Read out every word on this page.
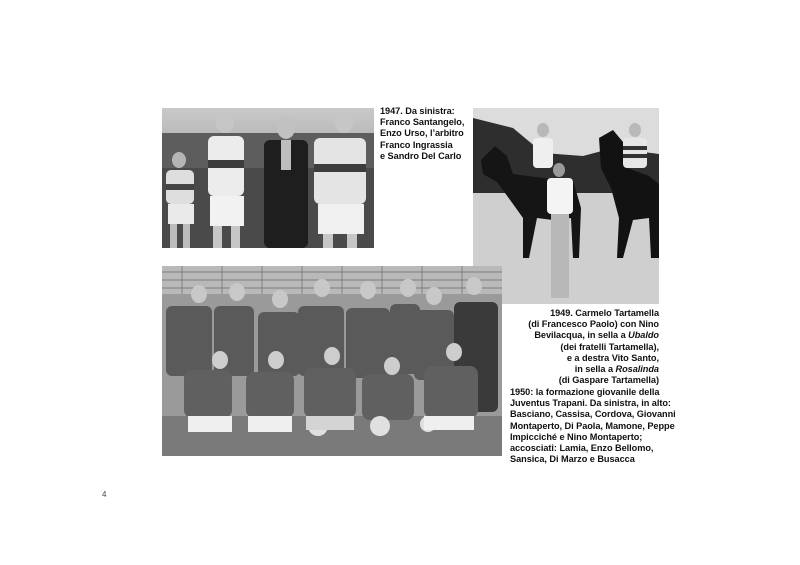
1947. Da sinistra:
Franco Santangelo,
Enzo Urso, l’arbitro
Franco Ingrassia
e Sandro Del Carlo
1949. Carmelo Tartamella
(di Francesco Paolo) con Nino
Bevilacqua, in sella a Ubaldo
(dei fratelli Tartamella),
e a destra Vito Santo,
in sella a Rosalinda
(di Gaspare Tartamella)
1950: la formazione giovanile della
Juventus Trapani. Da sinistra, in alto:
Basciano, Cassisa, Cordova, Giovanni
Montaperto, Di Paola, Mamone, Peppe
Impicciché e Nino Montaperto;
accosciati: Lamia, Enzo Bellomo,
Sansica, Di Marzo e Busacca
4
